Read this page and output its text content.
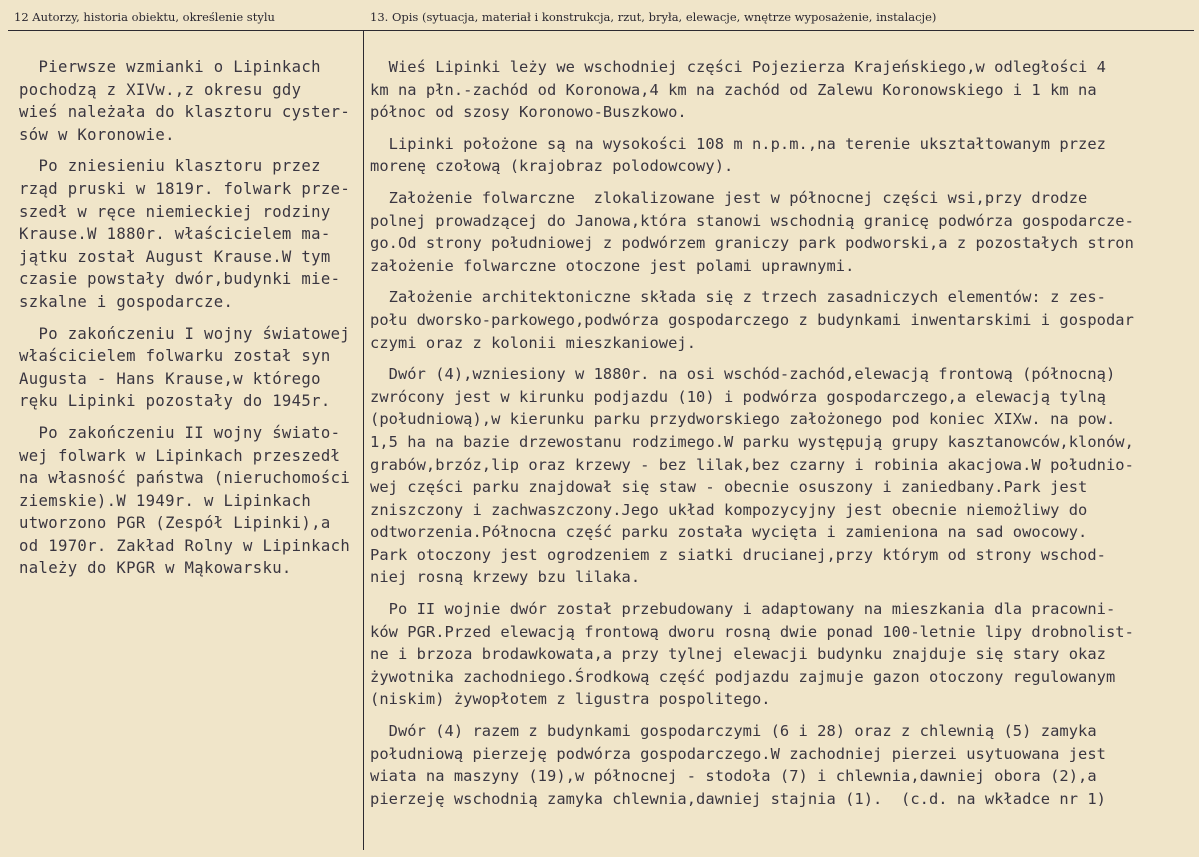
12 Autorzy, historia obiektu, określenie stylu	13. Opis (sytuacja, materiał i konstrukcja, rzut, bryła, elewacje, wnętrze wyposażenie, instalacje)
Pierwsze wzmianki o Lipinkach
pochodzą z XIVw.,z okresu gdy
wieś należała do klasztoru cyster-
sów w Koronowie.
Po zniesieniu klasztoru przez
rząd pruski w 1819r. folwark prze-
szedł w ręce niemieckiej rodziny
Krause.W 1880r. właścicielem ma-
jątku został August Krause.W tym
czasie powstały dwór,budynki mie-
szkalne i gospodarcze.
Po zakończeniu I wojny światowej
właścicielem folwarku został syn
Augusta - Hans Krause,w którego
ręku Lipinki pozostały do 1945r.
Po zakończeniu II wojny świato-
wej folwark w Lipinkach przeszedł
na własność państwa (nieruchomości
ziemskie).W 1949r. w Lipinkach
utworzono PGR (Zespół Lipinki),a
od 1970r. Zakład Rolny w Lipinkach
należy do KPGR w Mąkowarsku.
Wieś Lipinki leży we wschodniej części Pojezierza Krajeńskiego,w odległości 4
km na płn.-zachód od Koronowa,4 km na zachód od Zalewu Koronowskiego i 1 km na
północ od szosy Koronowo-Buszkowo.
Lipinki położone są na wysokości 108 m n.p.m.,na terenie ukształtowanym przez
morenę czołową (krajobraz polodowcowy).
Założenie folwarczne  zlokalizowane jest w północnej części wsi,przy drodze
polnej prowadzącej do Janowa,która stanowi wschodnią granicę podwórza gospodarcze-
go.Od strony południowej z podwórzem graniczy park podworski,a z pozostałych stron
założenie folwarczne otoczone jest polami uprawnymi.
Założenie architektoniczne składa się z trzech zasadniczych elementów: z zes-
połu dworsko-parkowego,podwórza gospodarczego z budynkami inwentarskimi i gospodar
czymi oraz z kolonii mieszkaniowej.
Dwór (4),wzniesiony w 1880r. na osi wschód-zachód,elewacją frontową (północną)
zwrócony jest w kirunku podjazdu (10) i podwórza gospodarczego,a elewacją tylną
(południową),w kierunku parku przydworskiego założonego pod koniec XIXw. na pow.
1,5 ha na bazie drzewostanu rodzimego.W parku występują grupy kasztanowców,klonów,
grabów,brzóz,lip oraz krzewy - bez lilak,bez czarny i robinia akacjowa.W południo-
wej części parku znajdował się staw - obecnie osuszony i zaniedbany.Park jest
zniszczony i zachwaszczony.Jego układ kompozycyjny jest obecnie niemożliwy do
odtworzenia.Północna część parku została wycięta i zamieniona na sad owocowy.
Park otoczony jest ogrodzeniem z siatki drucianej,przy którym od strony wschod-
niej rosną krzewy bzu lilaka.
Po II wojnie dwór został przebudowany i adaptowany na mieszkania dla pracowni-
ków PGR.Przed elewacją frontową dworu rosną dwie ponad 100-letnie lipy drobnolist-
ne i brzoza brodawkowata,a przy tylnej elewacji budynku znajduje się stary okaz
żywotnika zachodniego.Środkową część podjazdu zajmuje gazon otoczony regulowanym
(niskim) żywopłotem z ligustra pospolitego.
Dwór (4) razem z budynkami gospodarczymi (6 i 28) oraz z chlewnią (5) zamyka
południową pierzeję podwórza gospodarczego.W zachodniej pierzei usytuowana jest
wiata na maszyny (19),w północnej - stodoła (7) i chlewnia,dawniej obora (2),a
pierzeję wschodnią zamyka chlewnia,dawniej stajnia (1).  (c.d. na wkładce nr 1)
